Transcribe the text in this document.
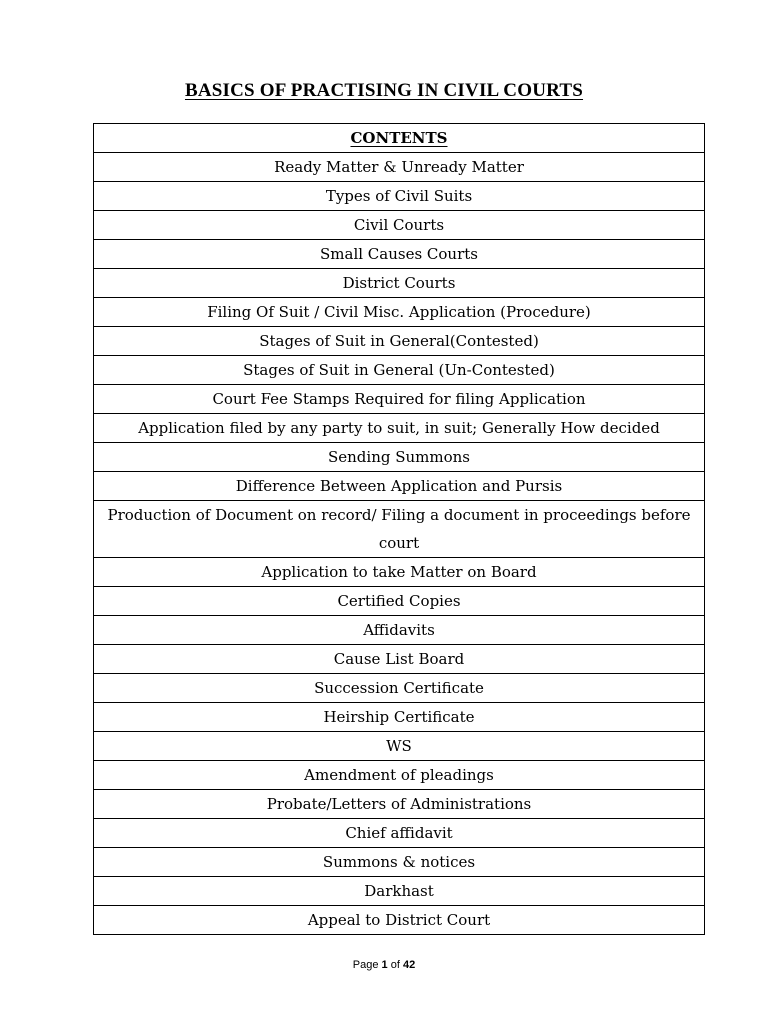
BASICS OF PRACTISING IN CIVIL COURTS
CONTENTS
Ready Matter & Unready Matter
Types of Civil Suits
Civil Courts
Small Causes Courts
District Courts
Filing Of Suit / Civil Misc. Application (Procedure)
Stages of Suit in General(Contested)
Stages of Suit in General (Un-Contested)
Court Fee Stamps Required for filing Application
Application filed by any party to suit, in suit; Generally How decided
Sending Summons
Difference Between Application and Pursis
Production of Document on record/ Filing a document in proceedings before court
Application to take Matter on Board
Certified Copies
Affidavits
Cause List Board
Succession Certificate
Heirship Certificate
WS
Amendment of pleadings
Probate/Letters of Administrations
Chief affidavit
Summons & notices
Darkhast
Appeal to District Court
Page 1 of 42
